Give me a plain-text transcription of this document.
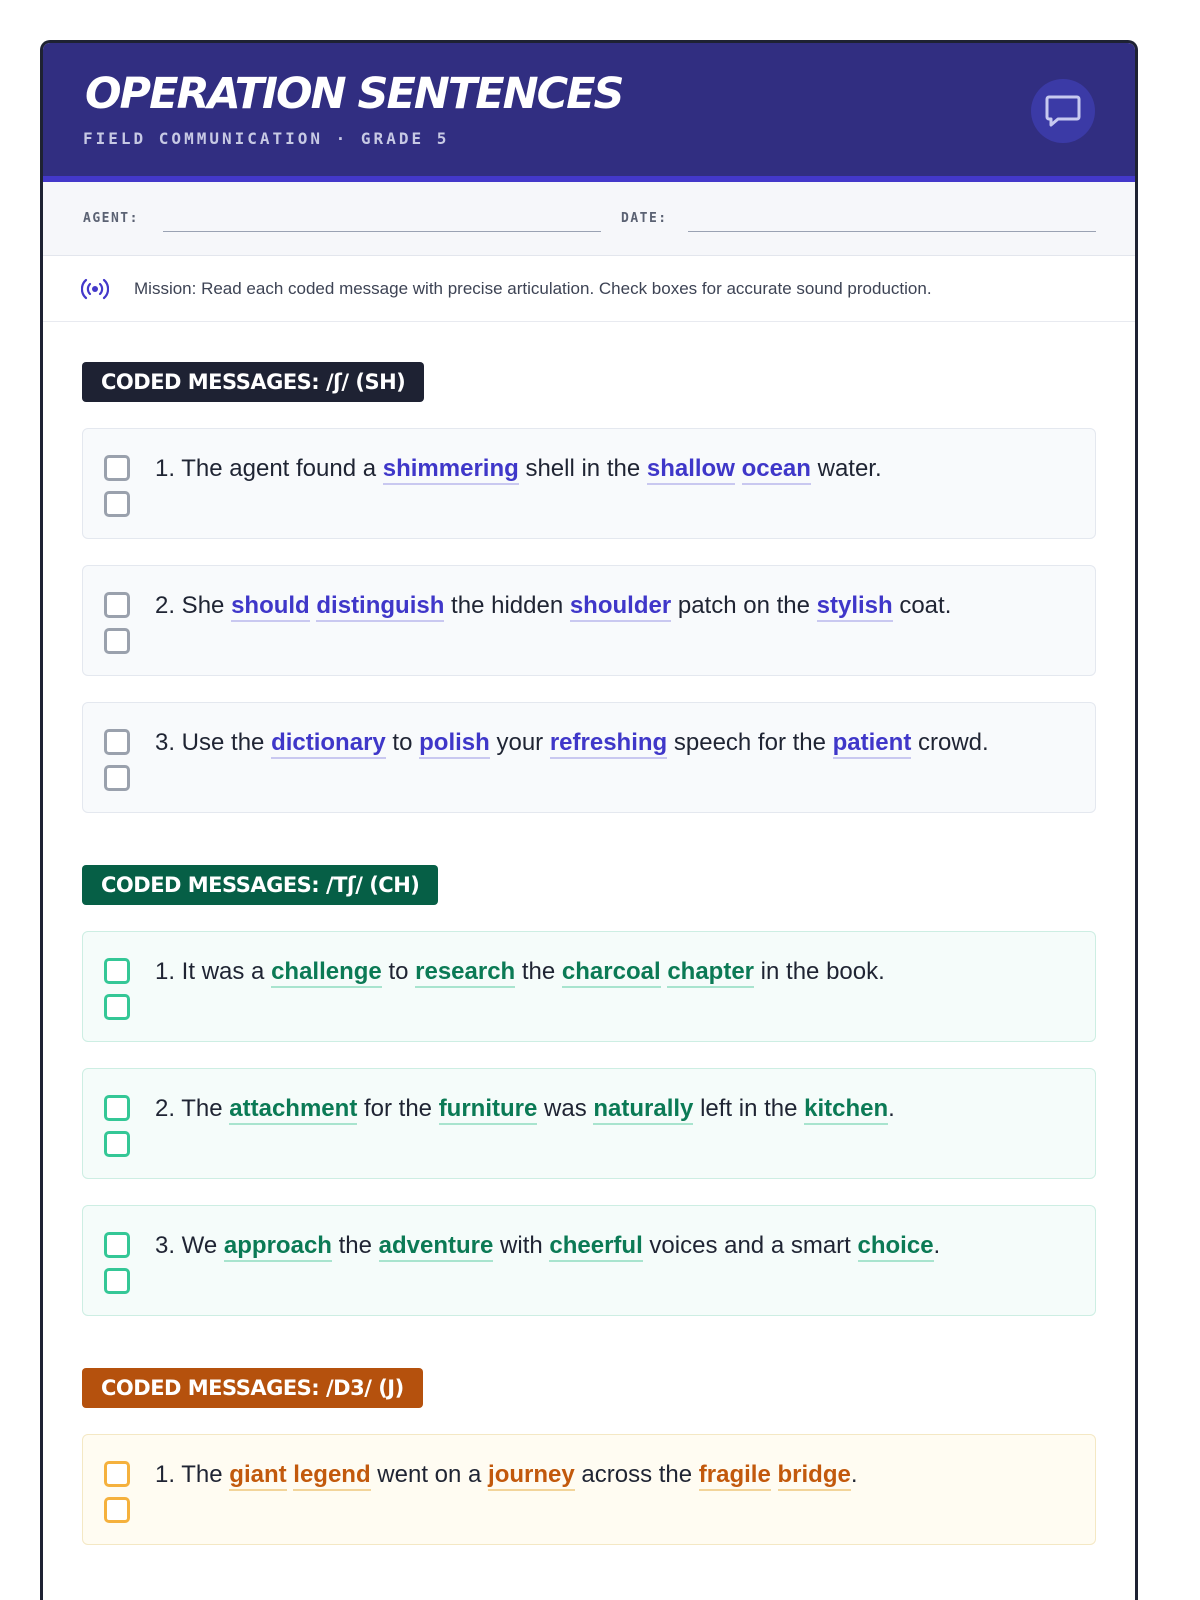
OPERATION SENTENCES
FIELD COMMUNICATION · GRADE 5
AGENT:	DATE:
Mission: Read each coded message with precise articulation. Check boxes for accurate sound production.
CODED MESSAGES: /ʃ/ (SH)
1. The agent found a shimmering shell in the shallow ocean water.
2. She should distinguish the hidden shoulder patch on the stylish coat.
3. Use the dictionary to polish your refreshing speech for the patient crowd.
CODED MESSAGES: /Tʃ/ (CH)
1. It was a challenge to research the charcoal chapter in the book.
2. The attachment for the furniture was naturally left in the kitchen.
3. We approach the adventure with cheerful voices and a smart choice.
CODED MESSAGES: /D3/ (J)
1. The giant legend went on a journey across the fragile bridge.
